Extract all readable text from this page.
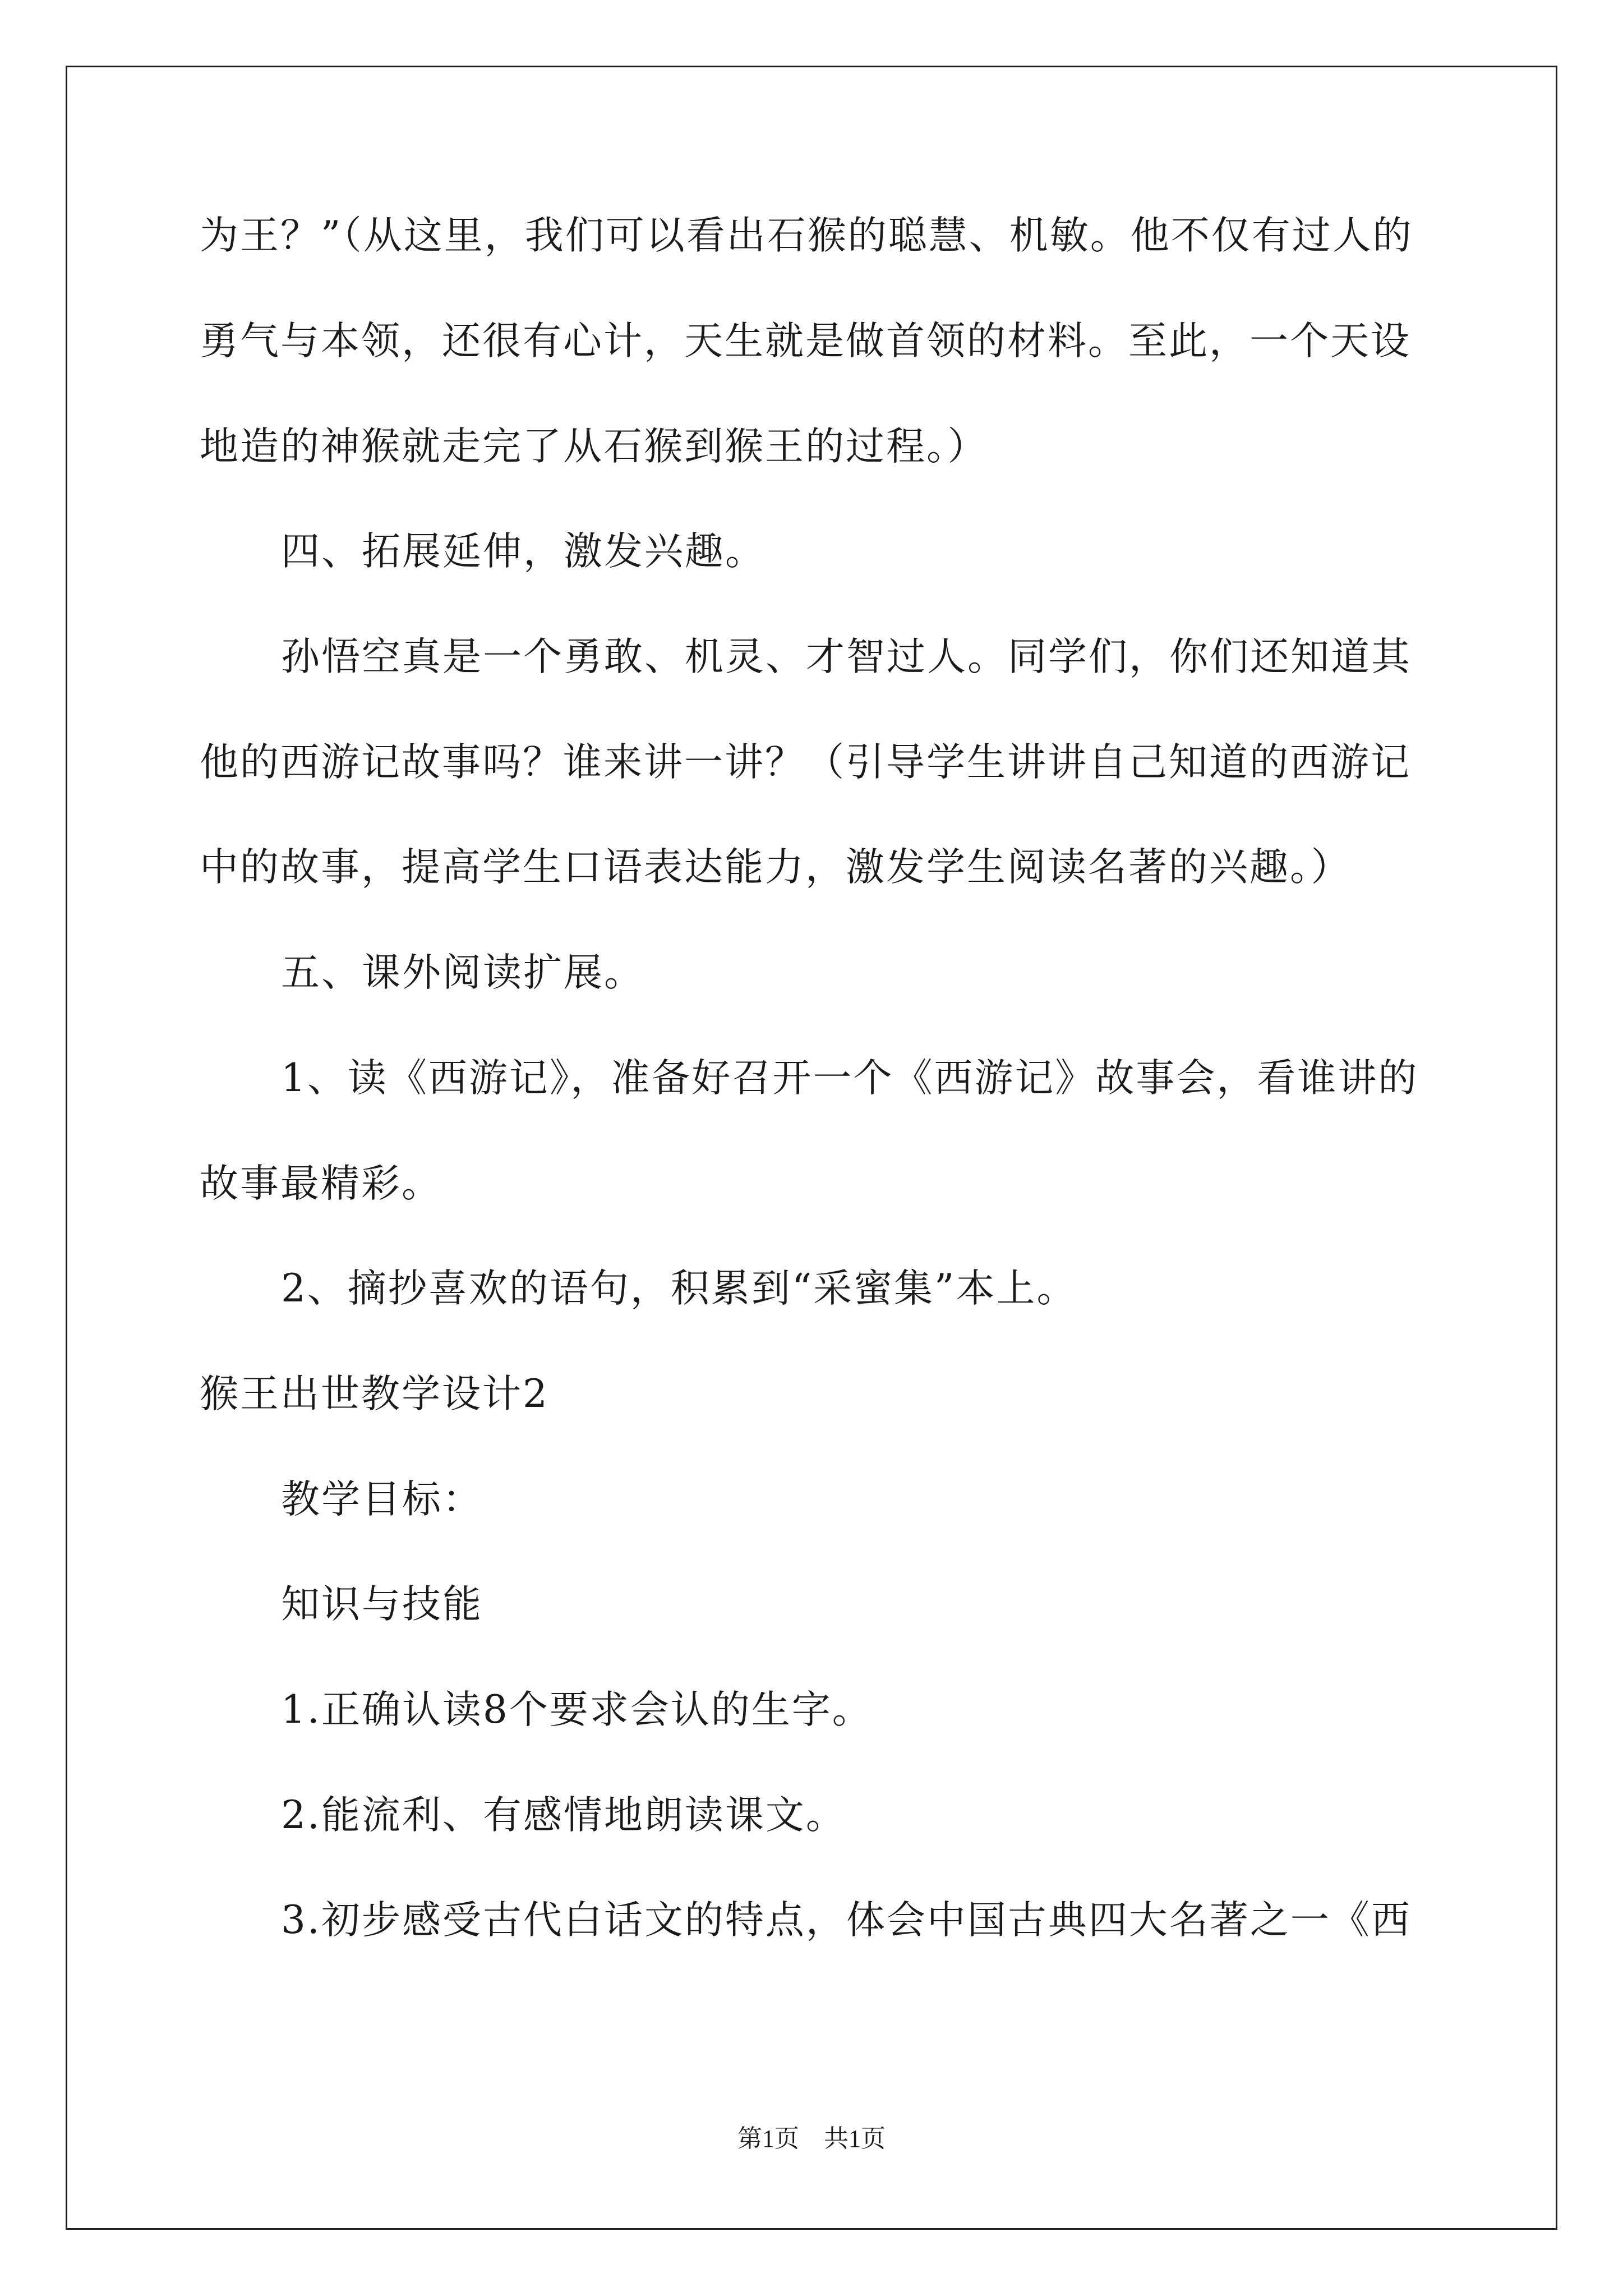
为王？”（从这里，我们可以看出石猴的聪慧、机敏。他不仅有过人的
勇气与本领，还很有心计，天生就是做首领的材料。至此，一个天设
地造的神猴就走完了从石猴到猴王的过程。）
四、拓展延伸，激发兴趣。
孙悟空真是一个勇敢、机灵、才智过人。同学们，你们还知道其
他的西游记故事吗？谁来讲一讲？（引导学生讲讲自己知道的西游记
中的故事，提高学生口语表达能力，激发学生阅读名著的兴趣。）
五、课外阅读扩展。
1、读《西游记》，准备好召开一个《西游记》故事会，看谁讲的
故事最精彩。
2、摘抄喜欢的语句，积累到“采蜜集”本上。
猴王出世教学设计2
教学目标：
知识与技能
1.正确认读8个要求会认的生字。
2.能流利、有感情地朗读课文。
3.初步感受古代白话文的特点，体会中国古典四大名著之一《西
第1页　共1页
